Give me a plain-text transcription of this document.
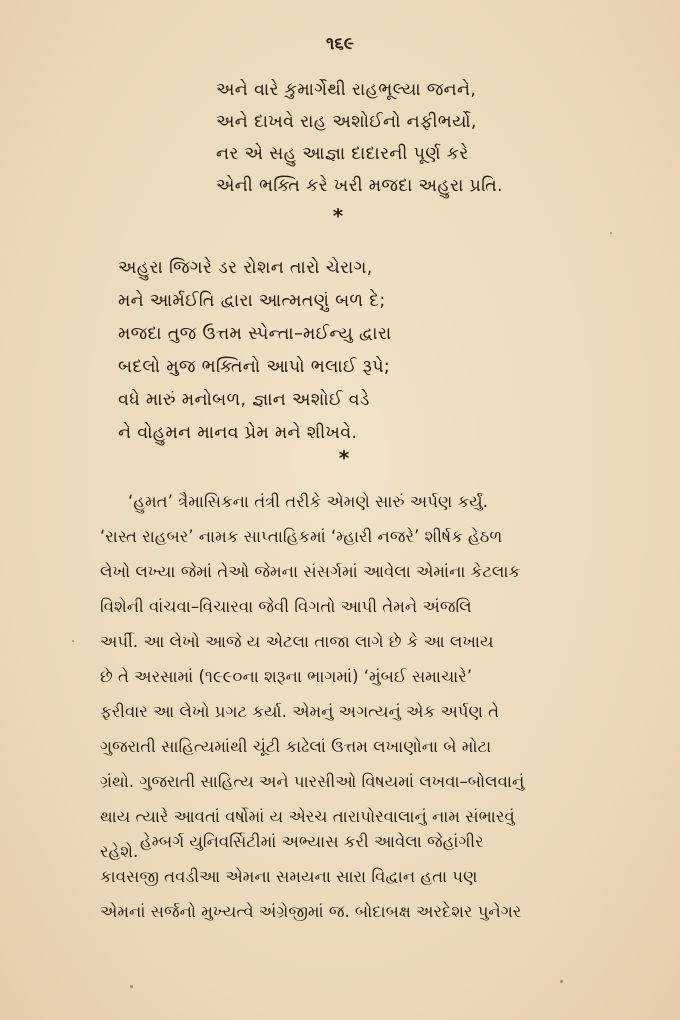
૧૬૯
અને વારે કુમાર્ગેથી રાહભૂલ્યા જનને,
અને દાખવે રાહ અશોઈનો નફીભર્યો,
નર એ સહુ આજ્ઞા દાદારની પૂર્ણ કરે
એની ભક્તિ કરે ખરી મજદા અહુરા પ્રતિ.
*
અહુરા જિગરે ડર રોશન તારો ચેરાગ,
મને આર્મઈતિ દ્વારા આત્મતણું બળ દે;
મજદા તુજ ઉત્તમ સ્પેન્તા–મઈન્યુ દ્વારા
બદલો મુજ ભક્તિનો આપો ભલાઈ રૂપે;
વધે મારું મનોબળ, જ્ઞાન અશોઈ વડે
ને વોહુમન માનવ પ્રેમ મને શીખવે.
*
‘હુમત’ ત્રૈમાસિકના તંત્રી તરીકે એમણે સારું અર્પણ કર્યું.
‘રાસ્ત રાહબર’ નામક સાપ્તાહિકમાં ‘મ્હારી નજરે’ શીર્ષક હેઠળ
લેખો લખ્યા જેમાં તેઓ જેમના સંસર્ગમાં આવેલા એમાંના કેટલાક
વિશેની વાંચવા–વિચારવા જેવી વિગતો આપી તેમને અંજલિ
અર્પી. આ લેખો આજે ય એટલા તાજા લાગે છે કે આ લખાય
છે તે અરસામાં (૧૯૯૦ના શરૂના ભાગમાં) ‘મુંબઈ સમાચારે’
ફરીવાર આ લેખો પ્રગટ કર્યા. એમનું અગત્યનું એક અર્પણ તે
ગુજરાતી સાહિત્યમાંથી ચૂંટી કાઢેલાં ઉત્તમ લખાણોના બે મોટા
ગ્રંથો. ગુજરાતી સાહિત્ય અને પારસીઓ વિષયમાં લખવા–બોલવાનું
થાય ત્યારે આવતાં વર્ષોમાં ય એરચ તારાપોરવાલાનું નામ સંભારવું
રહેશે.
હેમ્બર્ગ યુનિવર્સિટીમાં અભ્યાસ કરી આવેલા જેહાંગીર
કાવસજી તવડીઆ એમના સમયના સારા વિદ્વાન હતા પણ
એમનાં સર્જનો મુખ્યત્વે અંગ્રેજીમાં જ. બોદાબક્ષ અરદેશર પુનેગર
